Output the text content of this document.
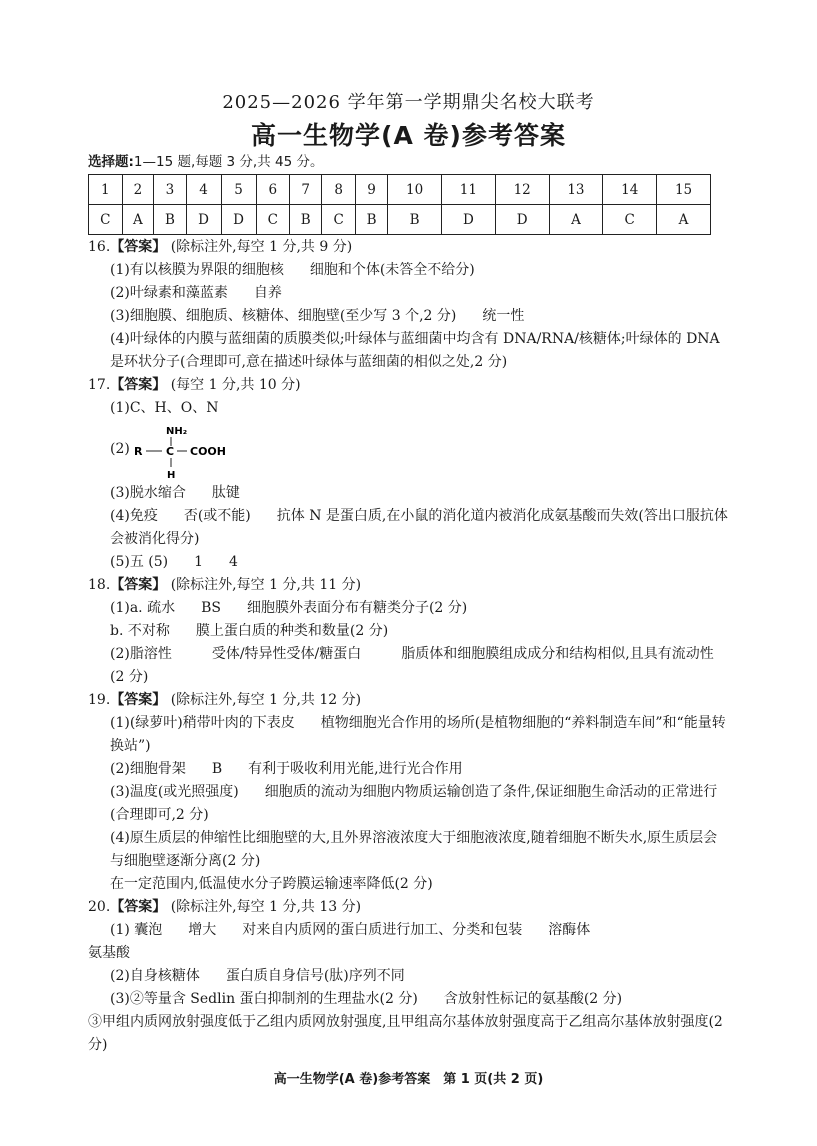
2025—2026 学年第一学期鼎尖名校大联考
高一生物学(A 卷)参考答案
选择题:1—15 题,每题 3 分,共 45 分。
1	2	3	4	5	6	7	8	9	10	11	12	13	14	15
C	A	B	D	D	C	B	C	B	B	D	D	A	C	A
16.【答案】 (除标注外,每空 1 分,共 9 分)
(1)有以核膜为界限的细胞核 细胞和个体(未答全不给分)
(2)叶绿素和藻蓝素 自养
(3)细胞膜、细胞质、核糖体、细胞壁(至少写 3 个,2 分) 统一性
(4)叶绿体的内膜与蓝细菌的质膜类似;叶绿体与蓝细菌中均含有 DNA/RNA/核糖体;叶绿体的 DNA 是环状分子(合理即可,意在描述叶绿体与蓝细菌的相似之处,2 分)
17.【答案】 (每空 1 分,共 10 分)
(1)C、H、O、N
(2)
NH₂
R C COOH
H
(3)脱水缩合 肽键
(4)免疫 否(或不能) 抗体 N 是蛋白质,在小鼠的消化道内被消化成氨基酸而失效(答出口服抗体会被消化得分)
(5)五 (5) 1 4
18.【答案】 (除标注外,每空 1 分,共 11 分)
(1)a. 疏水 BS 细胞膜外表面分布有糖类分子(2 分)
b. 不对称 膜上蛋白质的种类和数量(2 分)
(2)脂溶性	受体/特异性受体/糖蛋白	脂质体和细胞膜组成成分和结构相似,且具有流动性(2 分)
19.【答案】 (除标注外,每空 1 分,共 12 分)
(1)(绿萝叶)稍带叶肉的下表皮 植物细胞光合作用的场所(是植物细胞的“养料制造车间”和“能量转换站”)
(2)细胞骨架 B 有利于吸收利用光能,进行光合作用
(3)温度(或光照强度) 细胞质的流动为细胞内物质运输创造了条件,保证细胞生命活动的正常进行(合理即可,2 分)
(4)原生质层的伸缩性比细胞壁的大,且外界溶液浓度大于细胞液浓度,随着细胞不断失水,原生质层会与细胞壁逐渐分离(2 分)
在一定范围内,低温使水分子跨膜运输速率降低(2 分)
20.【答案】 (除标注外,每空 1 分,共 13 分)
(1) 囊泡 增大 对来自内质网的蛋白质进行加工、分类和包装 溶酶体
氨基酸
(2)自身核糖体 蛋白质自身信号(肽)序列不同
(3)②等量含 Sedlin 蛋白抑制剂的生理盐水(2 分) 含放射性标记的氨基酸(2 分)
③甲组内质网放射强度低于乙组内质网放射强度,且甲组高尔基体放射强度高于乙组高尔基体放射强度(2 分)
高一生物学(A 卷)参考答案　第 1 页(共 2 页)
